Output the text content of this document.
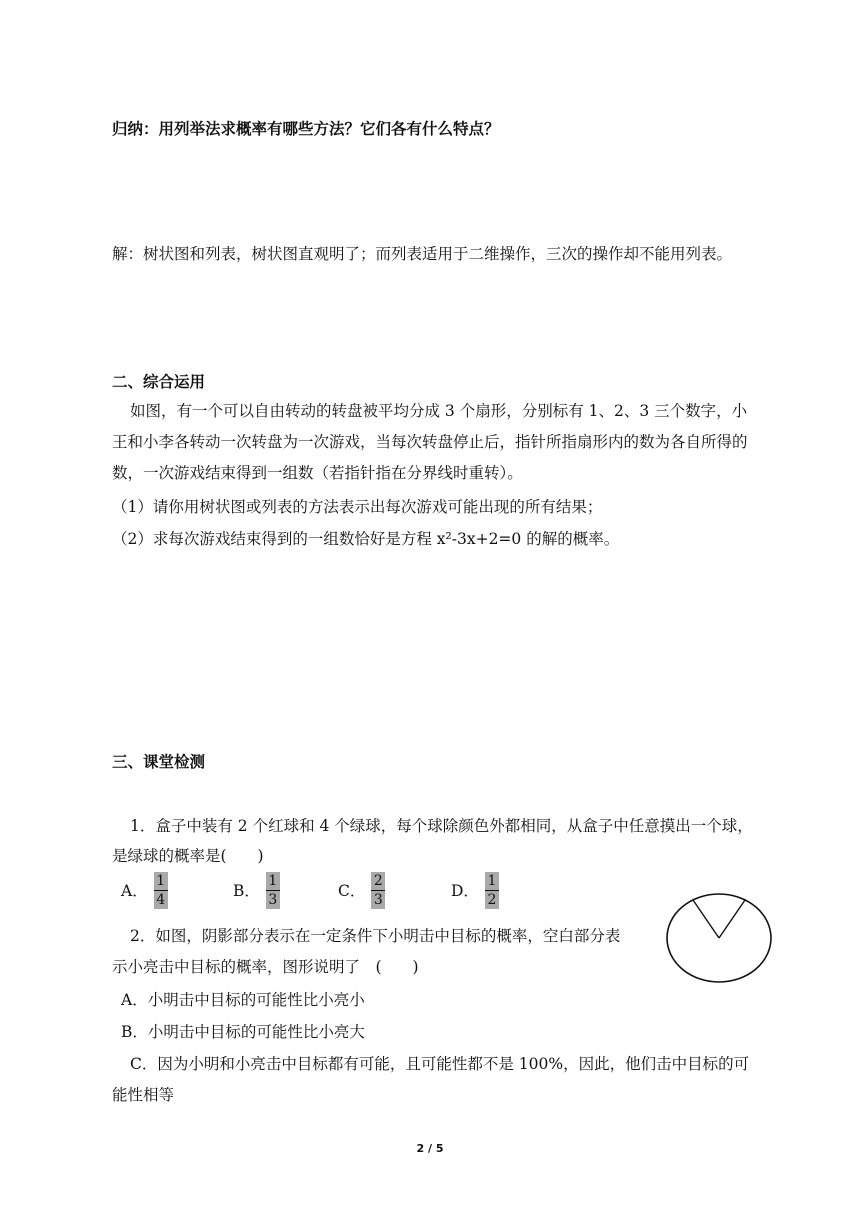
归纳：用列举法求概率有哪些方法？它们各有什么特点？
解：树状图和列表，树状图直观明了；而列表适用于二维操作，三次的操作却不能用列表。
二、综合运用
如图，有一个可以自由转动的转盘被平均分成 3 个扇形，分别标有 1、2、3 三个数字，小
王和小李各转动一次转盘为一次游戏，当每次转盘停止后，指针所指扇形内的数为各自所得的
数，一次游戏结束得到一组数（若指针指在分界线时重转）。
（1）请你用树状图或列表的方法表示出每次游戏可能出现的所有结果；
（2）求每次游戏结束得到的一组数恰好是方程 x²-3x+2=0 的解的概率。
三、课堂检测
1．盒子中装有 2 个红球和 4 个绿球，每个球除颜色外都相同，从盒子中任意摸出一个球，
是绿球的概率是(　　)
A． $\frac{1}{4}$	B． $\frac{1}{3}$	C． $\frac{2}{3}$	D． $\frac{1}{2}$
2．如图，阴影部分表示在一定条件下小明击中目标的概率，空白部分表
示小亮击中目标的概率，图形说明了　(　　)
A．小明击中目标的可能性比小亮小
B．小明击中目标的可能性比小亮大
C．因为小明和小亮击中目标都有可能，且可能性都不是 100%，因此，他们击中目标的可
能性相等
2 / 5
